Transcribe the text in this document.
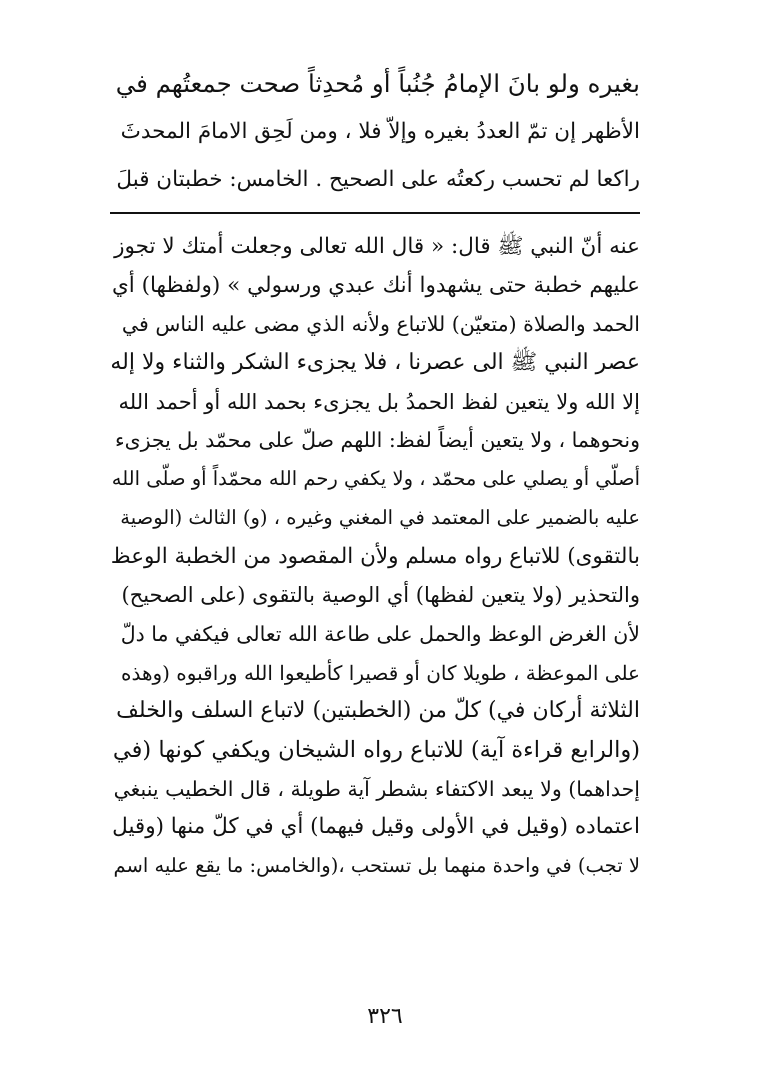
بغيره ولو بانَ الإمامُ جُنُباً أو مُحدِثاً صحت جمعتُهم في
الأظهر إن تمّ العددُ بغيره وإلاّ فلا ، ومن لَحِق الامامَ المحدثَ
راكعا لم تحسب ركعتُه على الصحيح . الخامس: خطبتان قبلَ
عنه أنّ النبي ﷺ قال: « قال الله تعالى وجعلت أمتك لا تجوز
عليهم خطبة حتى يشهدوا أنك عبدي ورسولي » (ولفظها) أي
الحمد والصلاة (متعيّن) للاتباع ولأنه الذي مضى عليه الناس في
عصر النبي ﷺ الى عصرنا ، فلا يجزىء الشكر والثناء ولا إله
إلا الله ولا يتعين لفظ الحمدُ بل يجزىء بحمد الله أو أحمد الله
ونحوهما ، ولا يتعين أيضاً لفظ: اللهم صلّ على محمّد بل يجزىء
أصلّي أو يصلي على محمّد ، ولا يكفي رحم الله محمّداً أو صلّى الله
عليه بالضمير على المعتمد في المغني وغيره ، (و) الثالث (الوصية
بالتقوى) للاتباع رواه مسلم ولأن المقصود من الخطبة الوعظ
والتحذير (ولا يتعين لفظها) أي الوصية بالتقوى (على الصحيح)
لأن الغرض الوعظ والحمل على طاعة الله تعالى فيكفي ما دلّ
على الموعظة ، طويلا كان أو قصيرا كأطيعوا الله وراقبوه (وهذه
الثلاثة أركان في) كلّ من (الخطبتين) لاتباع السلف والخلف
(والرابع قراءة آية) للاتباع رواه الشيخان ويكفي كونها (في
إحداهما) ولا يبعد الاكتفاء بشطر آية طويلة ، قال الخطيب ينبغي
اعتماده (وقيل في الأولى وقيل فيهما) أي في كلّ منها (وقيل
لا تجب) في واحدة منهما بل تستحب ،(والخامس: ما يقع عليه اسم
٣٢٦
